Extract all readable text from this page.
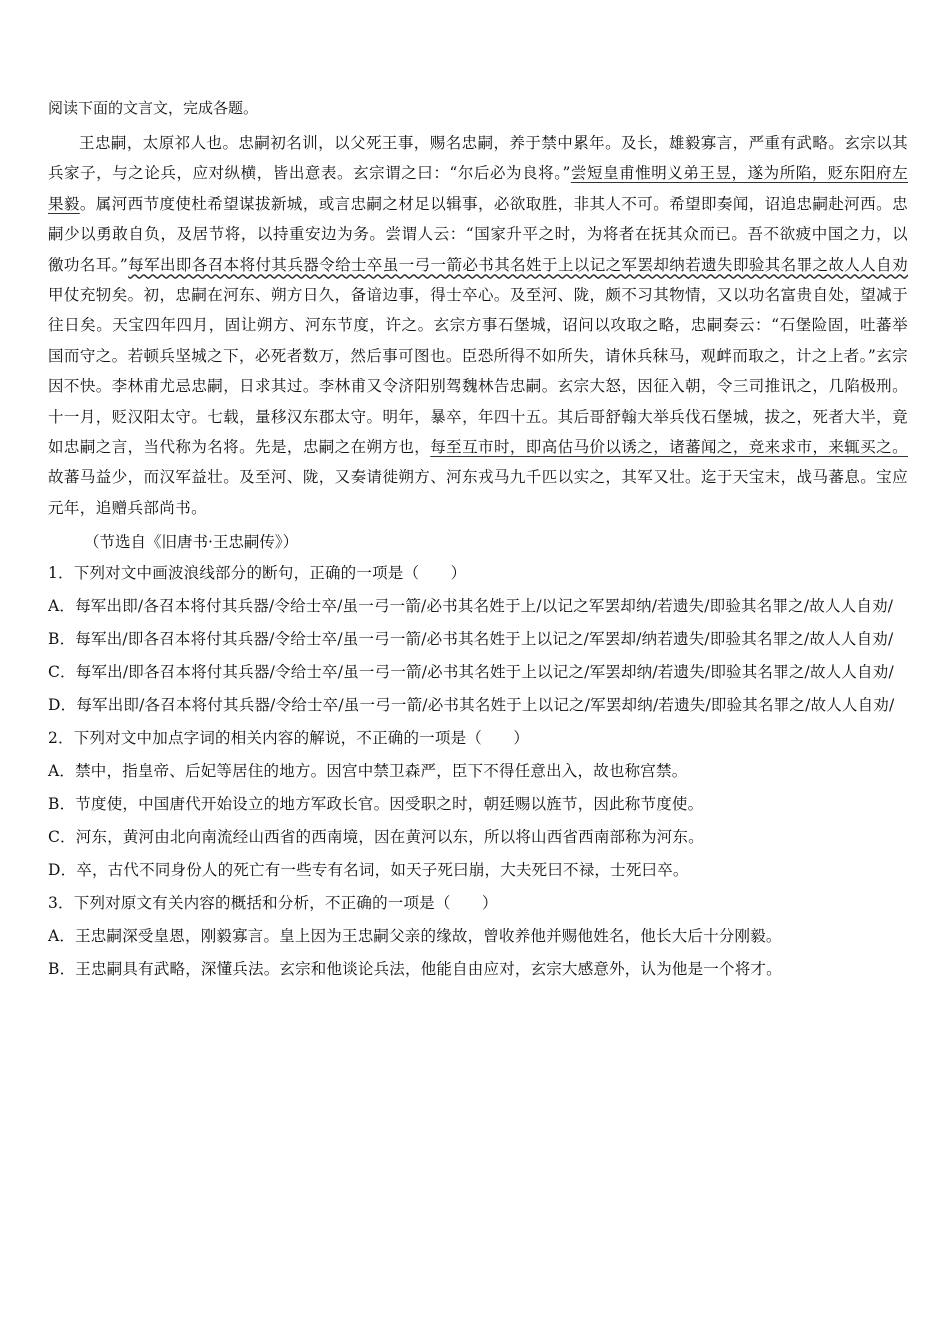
阅读下面的文言文，完成各题。

王忠嗣，太原祁人也。忠嗣初名训，以父死王事，赐名忠嗣，养于禁中累年。及长，雄毅寡言，严重有武略。玄宗以其兵家子，与之论兵，应对纵横，皆出意表。玄宗谓之曰：“尔后必为良将。”尝短皇甫惟明义弟王昱，遂为所陷，贬东阳府左果毅。属河西节度使杜希望谋拔新城，或言忠嗣之材足以辑事，必欲取胜，非其人不可。希望即奏闻，诏追忠嗣赴河西。忠嗣少以勇敢自负，及居节将，以持重安边为务。尝谓人云：“国家升平之时，为将者在抚其众而已。吾不欲疲中国之力，以徼功名耳。”每军出即各召本将付其兵器令给士卒虽一弓一箭必书其名姓于上以记之军罢却纳若遗失即验其名罪之故人人自劝甲仗充牣矣。初，忠嗣在河东、朔方日久，备谙边事，得士卒心。及至河、陇，颇不习其物情，又以功名富贵自处，望减于往日矣。天宝四年四月，固让朔方、河东节度，许之。玄宗方事石堡城，诏问以攻取之略，忠嗣奏云：“石堡险固，吐蕃举国而守之。若顿兵坚城之下，必死者数万，然后事可图也。臣恐所得不如所失，请休兵秣马，观衅而取之，计之上者。”玄宗因不快。李林甫尤忌忠嗣，日求其过。李林甫又令济阳别驾魏林告忠嗣。玄宗大怒，因征入朝，令三司推讯之，几陷极刑。十一月，贬汉阳太守。七载，量移汉东郡太守。明年，暴卒，年四十五。其后哥舒翰大举兵伐石堡城，拔之，死者大半，竟如忠嗣之言，当代称为名将。先是，忠嗣之在朔方也，每至互市时，即高估马价以诱之，诸蕃闻之，竞来求市，来辄买之。故蕃马益少，而汉军益壮。及至河、陇，又奏请徙朔方、河东戎马九千匹以实之，其军又壮。迄于天宝末，战马蕃息。宝应元年，追赠兵部尚书。

（节选自《旧唐书·王忠嗣传》）

1．下列对文中画波浪线部分的断句，正确的一项是（　　）

A．每军出即/各召本将付其兵器/令给士卒/虽一弓一箭/必书其名姓于上/以记之军罢却纳/若遗失/即验其名罪之/故人人自劝/

B．每军出/即各召本将付其兵器/令给士卒/虽一弓一箭/必书其名姓于上以记之/军罢却/纳若遗失/即验其名罪之/故人人自劝/

C．每军出/即各召本将付其兵器/令给士卒/虽一弓一箭/必书其名姓于上以记之/军罢却纳/若遗失/即验其名罪之/故人人自劝/

D．每军出即/各召本将付其兵器/令给士卒/虽一弓一箭/必书其名姓于上以记之/军罢却纳/若遗失/即验其名罪之/故人人自劝/

2．下列对文中加点字词的相关内容的解说，不正确的一项是（　　）

A．禁中，指皇帝、后妃等居住的地方。因宫中禁卫森严，臣下不得任意出入，故也称宫禁。

B．节度使，中国唐代开始设立的地方军政长官。因受职之时，朝廷赐以旌节，因此称节度使。

C．河东，黄河由北向南流经山西省的西南境，因在黄河以东，所以将山西省西南部称为河东。

D．卒，古代不同身份人的死亡有一些专有名词，如天子死曰崩，大夫死曰不禄，士死曰卒。

3．下列对原文有关内容的概括和分析，不正确的一项是（　　）

A．王忠嗣深受皇恩，刚毅寡言。皇上因为王忠嗣父亲的缘故，曾收养他并赐他姓名，他长大后十分刚毅。

B．王忠嗣具有武略，深懂兵法。玄宗和他谈论兵法，他能自由应对，玄宗大感意外，认为他是一个将才。
